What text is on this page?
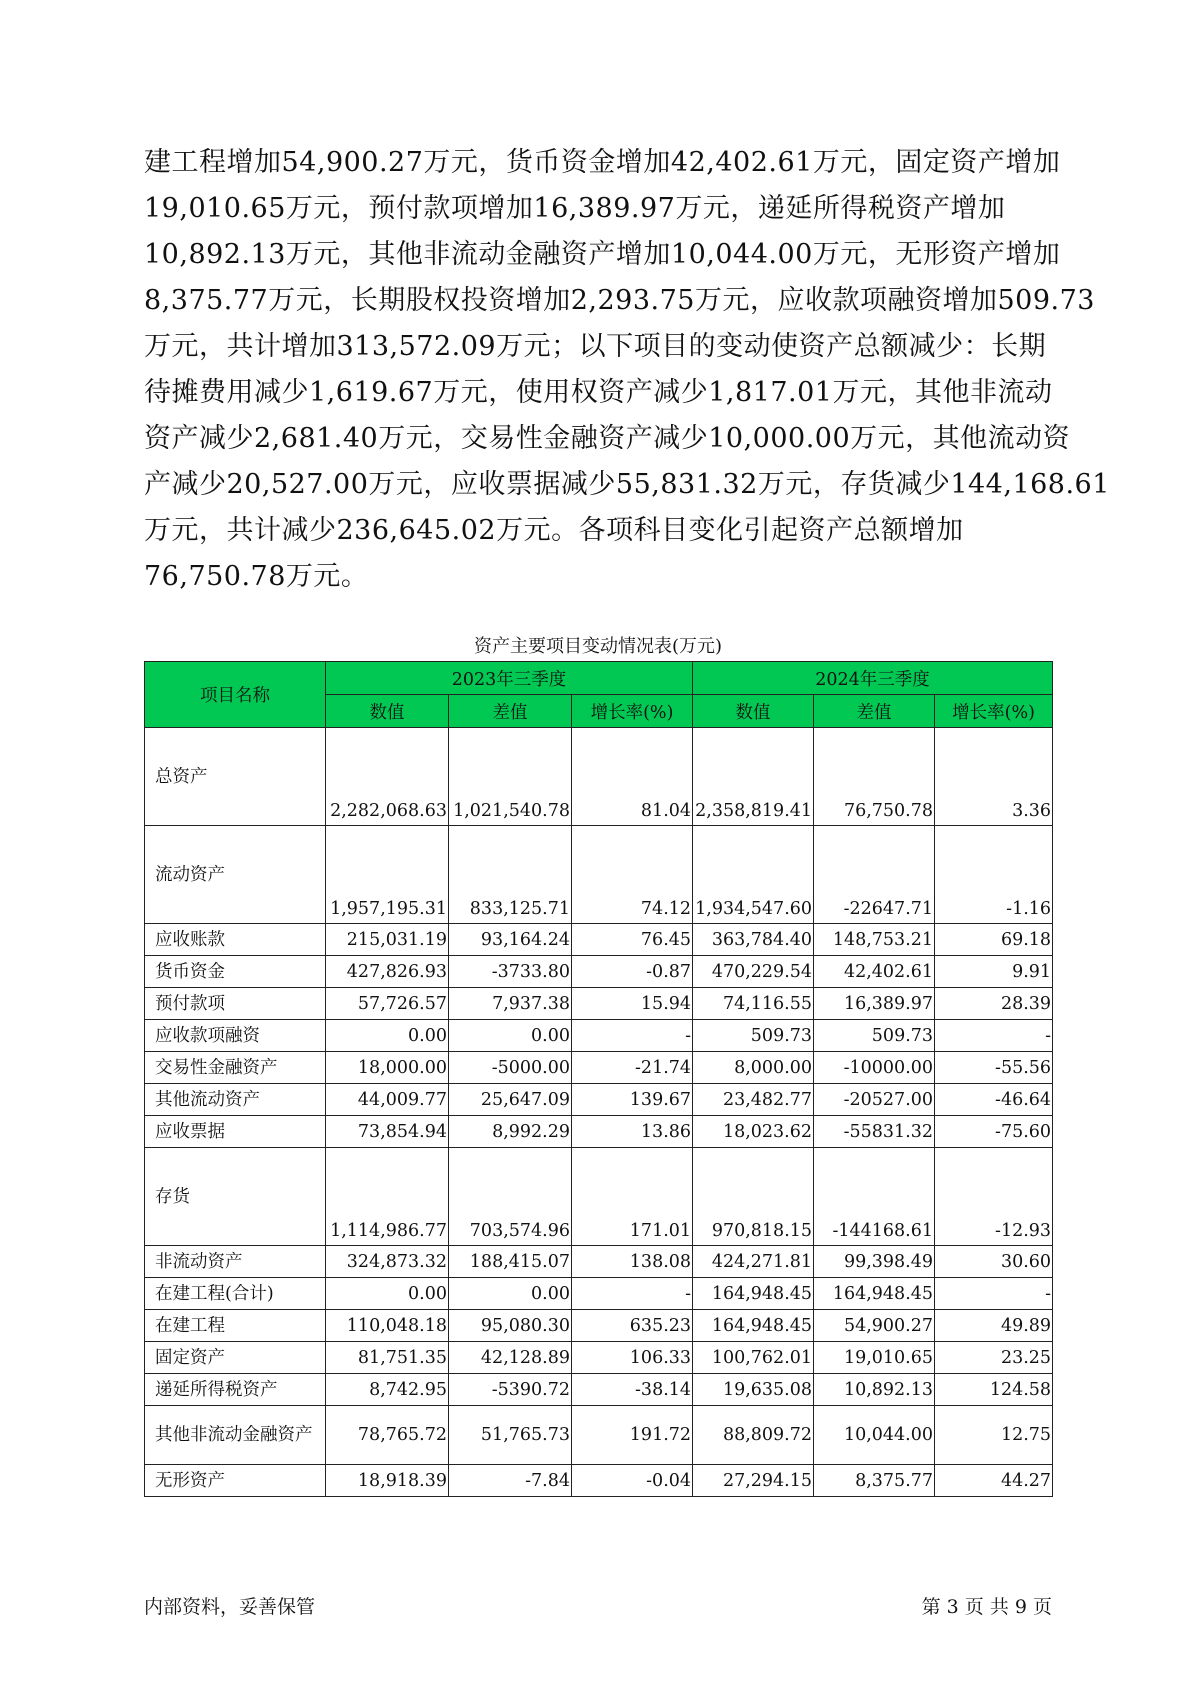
建工程增加54,900.27万元，货币资金增加42,402.61万元，固定资产增加
19,010.65万元，预付款项增加16,389.97万元，递延所得税资产增加
10,892.13万元，其他非流动金融资产增加10,044.00万元，无形资产增加
8,375.77万元，长期股权投资增加2,293.75万元，应收款项融资增加509.73
万元，共计增加313,572.09万元；以下项目的变动使资产总额减少：长期
待摊费用减少1,619.67万元，使用权资产减少1,817.01万元，其他非流动
资产减少2,681.40万元，交易性金融资产减少10,000.00万元，其他流动资
产减少20,527.00万元，应收票据减少55,831.32万元，存货减少144,168.61
万元，共计减少236,645.02万元。各项科目变化引起资产总额增加
76,750.78万元。
资产主要项目变动情况表(万元)
项目名称	2023年三季度			2024年三季度		
	数值	差值	增长率(%)	数值	差值	增长率(%)
总资产	2,282,068.63	1,021,540.78	81.04	2,358,819.41	76,750.78	3.36
流动资产	1,957,195.31	833,125.71	74.12	1,934,547.60	-22647.71	-1.16
应收账款	215,031.19	93,164.24	76.45	363,784.40	148,753.21	69.18
货币资金	427,826.93	-3733.80	-0.87	470,229.54	42,402.61	9.91
预付款项	57,726.57	7,937.38	15.94	74,116.55	16,389.97	28.39
应收款项融资	0.00	0.00	-	509.73	509.73	-
交易性金融资产	18,000.00	-5000.00	-21.74	8,000.00	-10000.00	-55.56
其他流动资产	44,009.77	25,647.09	139.67	23,482.77	-20527.00	-46.64
应收票据	73,854.94	8,992.29	13.86	18,023.62	-55831.32	-75.60
存货	1,114,986.77	703,574.96	171.01	970,818.15	-144168.61	-12.93
非流动资产	324,873.32	188,415.07	138.08	424,271.81	99,398.49	30.60
在建工程(合计)	0.00	0.00	-	164,948.45	164,948.45	-
在建工程	110,048.18	95,080.30	635.23	164,948.45	54,900.27	49.89
固定资产	81,751.35	42,128.89	106.33	100,762.01	19,010.65	23.25
递延所得税资产	8,742.95	-5390.72	-38.14	19,635.08	10,892.13	124.58
其他非流动金融资产	78,765.72	51,765.73	191.72	88,809.72	10,044.00	12.75
无形资产	18,918.39	-7.84	-0.04	27,294.15	8,375.77	44.27
内部资料，妥善保管	第 3 页 共 9 页
